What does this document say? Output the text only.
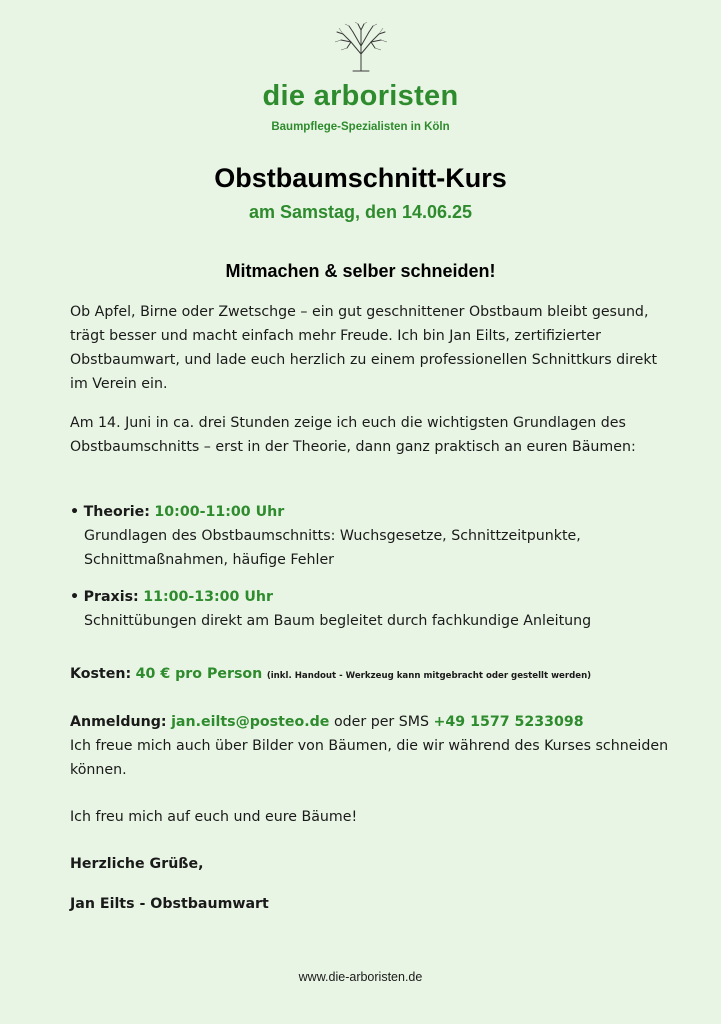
die arboristen
Baumpflege-Spezialisten in Köln
Obstbaumschnitt-Kurs
am Samstag, den 14.06.25
Mitmachen & selber schneiden!
Ob Apfel, Birne oder Zwetschge – ein gut geschnittener Obstbaum bleibt gesund, trägt besser und macht einfach mehr Freude. Ich bin Jan Eilts, zertifizierter Obstbaumwart, und lade euch herzlich zu einem professionellen Schnittkurs direkt im Verein ein.
Am 14. Juni in ca. drei Stunden zeige ich euch die wichtigsten Grundlagen des Obstbaumschnitts – erst in der Theorie, dann ganz praktisch an euren Bäumen:
• Theorie: 10:00-11:00 Uhr
Grundlagen des Obstbaumschnitts: Wuchsgesetze, Schnittzeitpunkte, Schnittmaßnahmen, häufige Fehler
• Praxis: 11:00-13:00 Uhr
Schnittübungen direkt am Baum begleitet durch fachkundige Anleitung
Kosten: 40 € pro Person (inkl. Handout - Werkzeug kann mitgebracht oder gestellt werden)
Anmeldung: jan.eilts@posteo.de oder per SMS +49 1577 5233098
Ich freue mich auch über Bilder von Bäumen, die wir während des Kurses schneiden können.
Ich freu mich auf euch und eure Bäume!
Herzliche Grüße,
Jan Eilts - Obstbaumwart
www.die-arboristen.de
